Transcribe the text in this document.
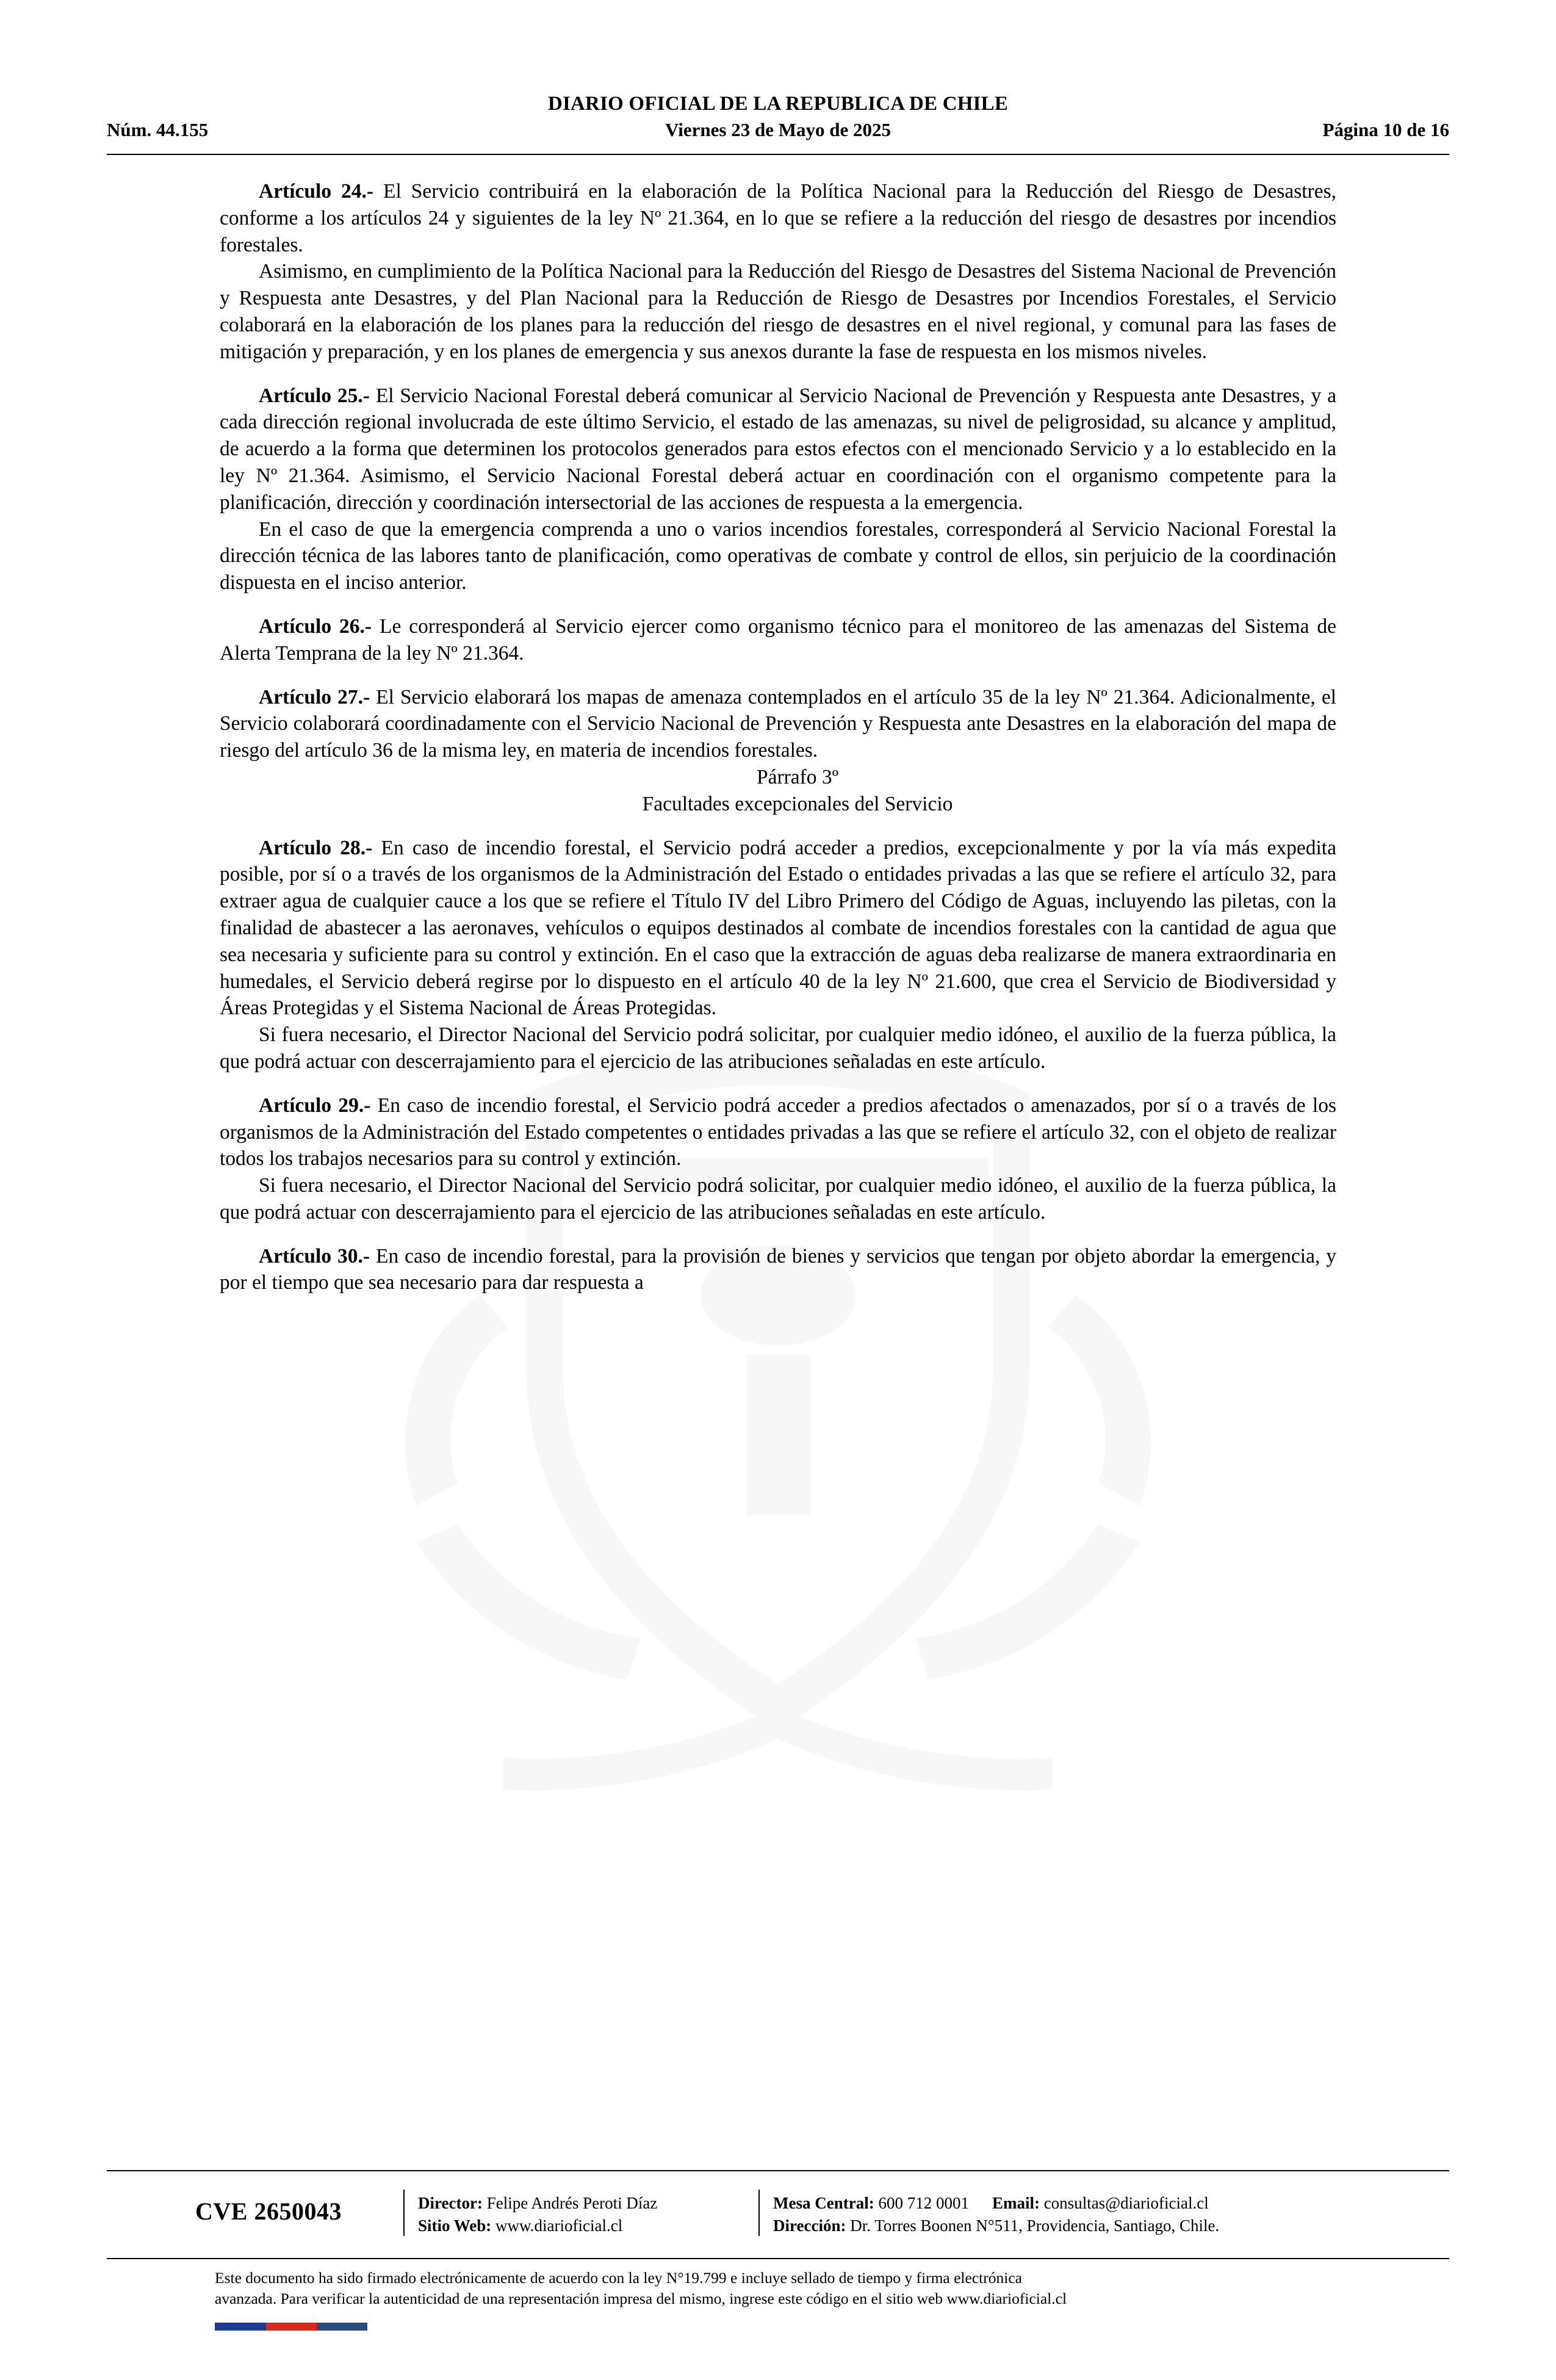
DIARIO OFICIAL DE LA REPUBLICA DE CHILE
Núm. 44.155	Viernes 23 de Mayo de 2025	Página 10 de 16

Artículo 24.- El Servicio contribuirá en la elaboración de la Política Nacional para la Reducción del Riesgo de Desastres, conforme a los artículos 24 y siguientes de la ley Nº 21.364, en lo que se refiere a la reducción del riesgo de desastres por incendios forestales.

Asimismo, en cumplimiento de la Política Nacional para la Reducción del Riesgo de Desastres del Sistema Nacional de Prevención y Respuesta ante Desastres, y del Plan Nacional para la Reducción de Riesgo de Desastres por Incendios Forestales, el Servicio colaborará en la elaboración de los planes para la reducción del riesgo de desastres en el nivel regional, y comunal para las fases de mitigación y preparación, y en los planes de emergencia y sus anexos durante la fase de respuesta en los mismos niveles.

Artículo 25.- El Servicio Nacional Forestal deberá comunicar al Servicio Nacional de Prevención y Respuesta ante Desastres, y a cada dirección regional involucrada de este último Servicio, el estado de las amenazas, su nivel de peligrosidad, su alcance y amplitud, de acuerdo a la forma que determinen los protocolos generados para estos efectos con el mencionado Servicio y a lo establecido en la ley Nº 21.364. Asimismo, el Servicio Nacional Forestal deberá actuar en coordinación con el organismo competente para la planificación, dirección y coordinación intersectorial de las acciones de respuesta a la emergencia.

En el caso de que la emergencia comprenda a uno o varios incendios forestales, corresponderá al Servicio Nacional Forestal la dirección técnica de las labores tanto de planificación, como operativas de combate y control de ellos, sin perjuicio de la coordinación dispuesta en el inciso anterior.

Artículo 26.- Le corresponderá al Servicio ejercer como organismo técnico para el monitoreo de las amenazas del Sistema de Alerta Temprana de la ley Nº 21.364.

Artículo 27.- El Servicio elaborará los mapas de amenaza contemplados en el artículo 35 de la ley Nº 21.364. Adicionalmente, el Servicio colaborará coordinadamente con el Servicio Nacional de Prevención y Respuesta ante Desastres en la elaboración del mapa de riesgo del artículo 36 de la misma ley, en materia de incendios forestales.

Párrafo 3º

Facultades excepcionales del Servicio

Artículo 28.- En caso de incendio forestal, el Servicio podrá acceder a predios, excepcionalmente y por la vía más expedita posible, por sí o a través de los organismos de la Administración del Estado o entidades privadas a las que se refiere el artículo 32, para extraer agua de cualquier cauce a los que se refiere el Título IV del Libro Primero del Código de Aguas, incluyendo las piletas, con la finalidad de abastecer a las aeronaves, vehículos o equipos destinados al combate de incendios forestales con la cantidad de agua que sea necesaria y suficiente para su control y extinción. En el caso que la extracción de aguas deba realizarse de manera extraordinaria en humedales, el Servicio deberá regirse por lo dispuesto en el artículo 40 de la ley Nº 21.600, que crea el Servicio de Biodiversidad y Áreas Protegidas y el Sistema Nacional de Áreas Protegidas.

Si fuera necesario, el Director Nacional del Servicio podrá solicitar, por cualquier medio idóneo, el auxilio de la fuerza pública, la que podrá actuar con descerrajamiento para el ejercicio de las atribuciones señaladas en este artículo.

Artículo 29.- En caso de incendio forestal, el Servicio podrá acceder a predios afectados o amenazados, por sí o a través de los organismos de la Administración del Estado competentes o entidades privadas a las que se refiere el artículo 32, con el objeto de realizar todos los trabajos necesarios para su control y extinción.

Si fuera necesario, el Director Nacional del Servicio podrá solicitar, por cualquier medio idóneo, el auxilio de la fuerza pública, la que podrá actuar con descerrajamiento para el ejercicio de las atribuciones señaladas en este artículo.

Artículo 30.- En caso de incendio forestal, para la provisión de bienes y servicios que tengan por objeto abordar la emergencia, y por el tiempo que sea necesario para dar respuesta a

CVE 2650043	Director: Felipe Andrés Peroti Díaz
Sitio Web: www.diarioficial.cl
Mesa Central: 600 712 0001 Email: consultas@diarioficial.cl
Dirección: Dr. Torres Boonen N°511, Providencia, Santiago, Chile.
Este documento ha sido firmado electrónicamente de acuerdo con la ley N°19.799 e incluye sellado de tiempo y firma electrónica
avanzada. Para verificar la autenticidad de una representación impresa del mismo, ingrese este código en el sitio web www.diarioficial.cl
